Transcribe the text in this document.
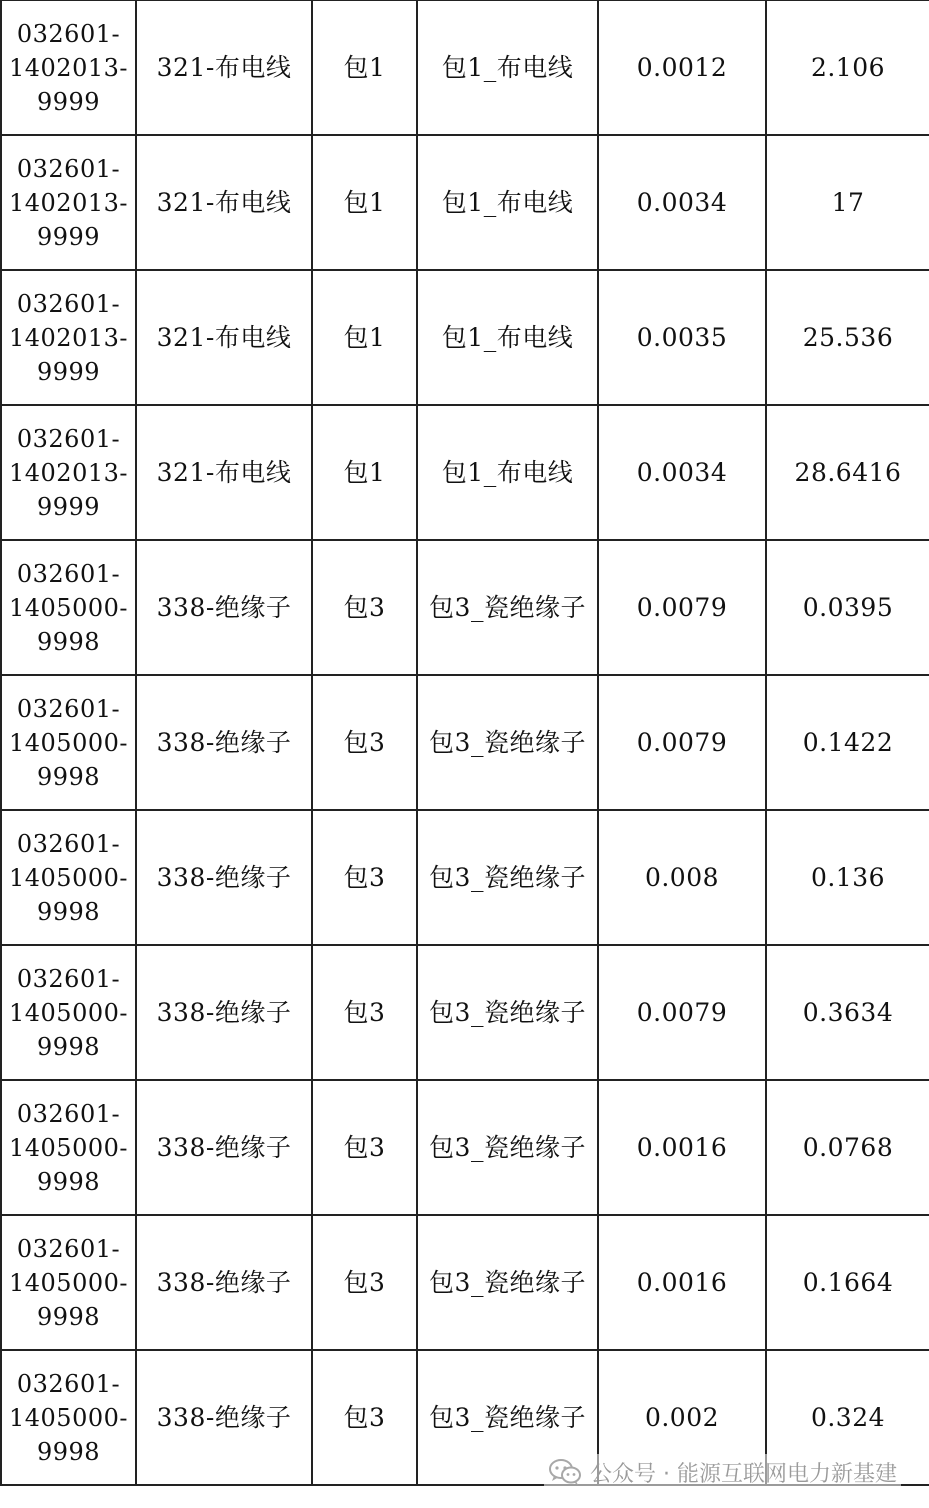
032601-
1402013-
9999	321-布电线	包1	包1_布电线	0.0012	2.106

032601-
1402013-
9999	321-布电线	包1	包1_布电线	0.0034	17

032601-
1402013-
9999	321-布电线	包1	包1_布电线	0.0035	25.536

032601-
1402013-
9999	321-布电线	包1	包1_布电线	0.0034	28.6416

032601-
1405000-
9998	338-绝缘子	包3	包3_瓷绝缘子	0.0079	0.0395

032601-
1405000-
9998	338-绝缘子	包3	包3_瓷绝缘子	0.0079	0.1422

032601-
1405000-
9998	338-绝缘子	包3	包3_瓷绝缘子	0.008	0.136

032601-
1405000-
9998	338-绝缘子	包3	包3_瓷绝缘子	0.0079	0.3634

032601-
1405000-
9998	338-绝缘子	包3	包3_瓷绝缘子	0.0016	0.0768

032601-
1405000-
9998	338-绝缘子	包3	包3_瓷绝缘子	0.0016	0.1664

032601-
1405000-
9998	338-绝缘子	包3	包3_瓷绝缘子	0.002	0.324
公众号 · 能源互联网电力新基建
